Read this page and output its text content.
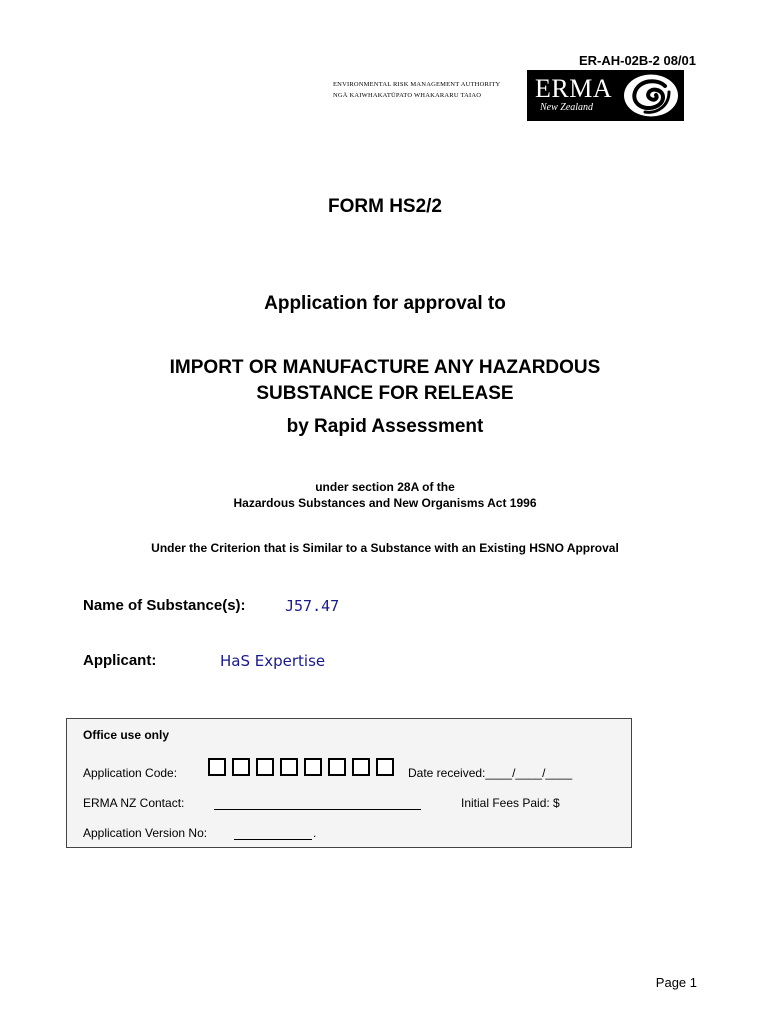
ER-AH-02B-2 08/01
ENVIRONMENTAL RISK MANAGEMENT AUTHORITY
NGĀ KAIWHAKATŪPATO WHAKARARU TAIAO	ERMA
New Zealand
FORM HS2/2
Application for approval to
IMPORT OR MANUFACTURE ANY HAZARDOUS
SUBSTANCE FOR RELEASE
by Rapid Assessment
under section 28A of the
Hazardous Substances and New Organisms Act 1996
Under the Criterion that is Similar to a Substance with an Existing HSNO Approval
Name of Substance(s):	J57.47
Applicant:	HaS Expertise
Office use only
Application Code:	Date received:____/____/____
ERMA NZ Contact:	Initial Fees Paid: $
Application Version No:	.
Page 1
